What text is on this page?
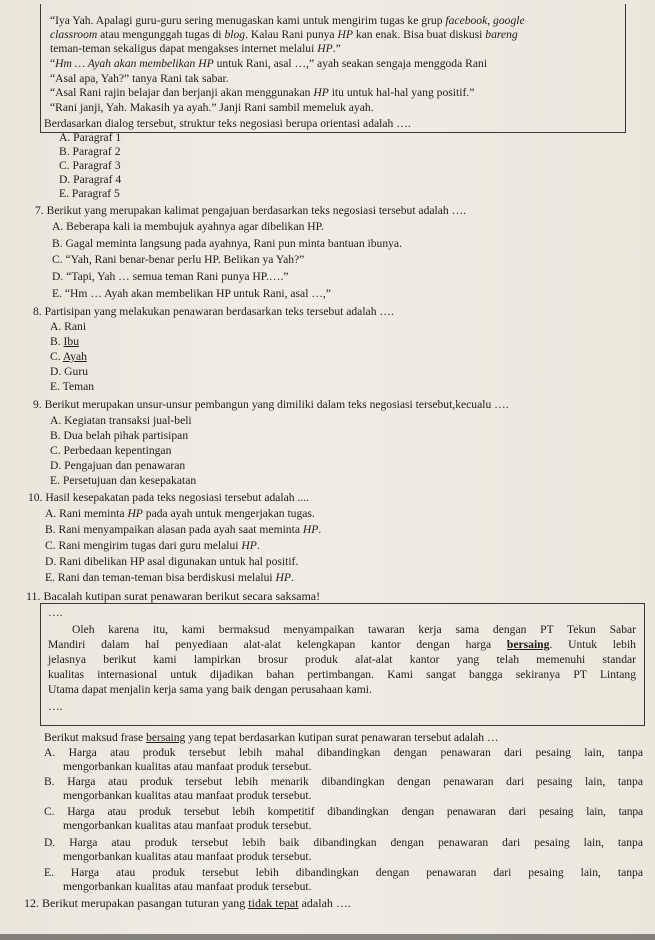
“Iya Yah. Apalagi guru-guru sering menugaskan kami untuk mengirim tugas ke grup facebook, google
classroom atau mengunggah tugas di blog. Kalau Rani punya HP kan enak. Bisa buat diskusi bareng
teman-teman sekaligus dapat mengakses internet melalui HP.”
“Hm … Ayah akan membelikan HP untuk Rani, asal …,” ayah seakan sengaja menggoda Rani
“Asal apa, Yah?” tanya Rani tak sabar.
“Asal Rani rajin belajar dan berjanji akan menggunakan HP itu untuk hal-hal yang positif.”
“Rani janji, Yah. Makasih ya ayah.” Janji Rani sambil memeluk ayah.
Berdasarkan dialog tersebut, struktur teks negosiasi berupa orientasi adalah ….
A. Paragraf 1
B. Paragraf 2
C. Paragraf 3
D. Paragraf 4
E. Paragraf 5
7. Berikut yang merupakan kalimat pengajuan berdasarkan teks negosiasi tersebut adalah ….
A. Beberapa kali ia membujuk ayahnya agar dibelikan HP.
B. Gagal meminta langsung pada ayahnya, Rani pun minta bantuan ibunya.
C. “Yah, Rani benar-benar perlu HP. Belikan ya Yah?”
D. “Tapi, Yah … semua teman Rani punya HP.….”
E. “Hm … Ayah akan membelikan HP untuk Rani, asal …,”
8. Partisipan yang melakukan penawaran berdasarkan teks tersebut adalah ….
A. Rani
B. Ibu
C. Ayah
D. Guru
E. Teman
9. Berikut merupakan unsur-unsur pembangun yang dimiliki dalam teks negosiasi tersebut,kecualu ….
A. Kegiatan transaksi jual-beli
B. Dua belah pihak partisipan
C. Perbedaan kepentingan
D. Pengajuan dan penawaran
E. Persetujuan dan kesepakatan
10. Hasil kesepakatan pada teks negosiasi tersebut adalah ....
A. Rani meminta HP pada ayah untuk mengerjakan tugas.
B. Rani menyampaikan alasan pada ayah saat meminta HP.
C. Rani mengirim tugas dari guru melalui HP.
D. Rani dibelikan HP asal digunakan untuk hal positif.
E. Rani dan teman-teman bisa berdiskusi melalui HP.
11. Bacalah kutipan surat penawaran berikut secara saksama!
….
Oleh karena itu, kami bermaksud menyampaikan tawaran kerja sama dengan PT Tekun Sabar
Mandiri dalam hal penyediaan alat-alat kelengkapan kantor dengan harga bersaing. Untuk lebih
jelasnya berikut kami lampirkan brosur produk alat-alat kantor yang telah memenuhi standar
kualitas internasional untuk dijadikan bahan pertimbangan. Kami sangat bangga sekiranya PT Lintang
Utama dapat menjalin kerja sama yang baik dengan perusahaan kami.
….
Berikut maksud frase bersaing yang tepat berdasarkan kutipan surat penawaran tersebut adalah …
A. Harga atau produk tersebut lebih mahal dibandingkan dengan penawaran dari pesaing lain, tanpa
mengorbankan kualitas atau manfaat produk tersebut.
B. Harga atau produk tersebut lebih menarik dibandingkan dengan penawaran dari pesaing lain, tanpa
mengorbankan kualitas atau manfaat produk tersebut.
C. Harga atau produk tersebut lebih kompetitif dibandingkan dengan penawaran dari pesaing lain, tanpa
mengorbankan kualitas atau manfaat produk tersebut.
D. Harga atau produk tersebut lebih baik dibandingkan dengan penawaran dari pesaing lain, tanpa
mengorbankan kualitas atau manfaat produk tersebut.
E. Harga atau produk tersebut lebih dibandingkan dengan penawaran dari pesaing lain, tanpa
mengorbankan kualitas atau manfaat produk tersebut.
12. Berikut merupakan pasangan tuturan yang tidak tepat adalah ….
